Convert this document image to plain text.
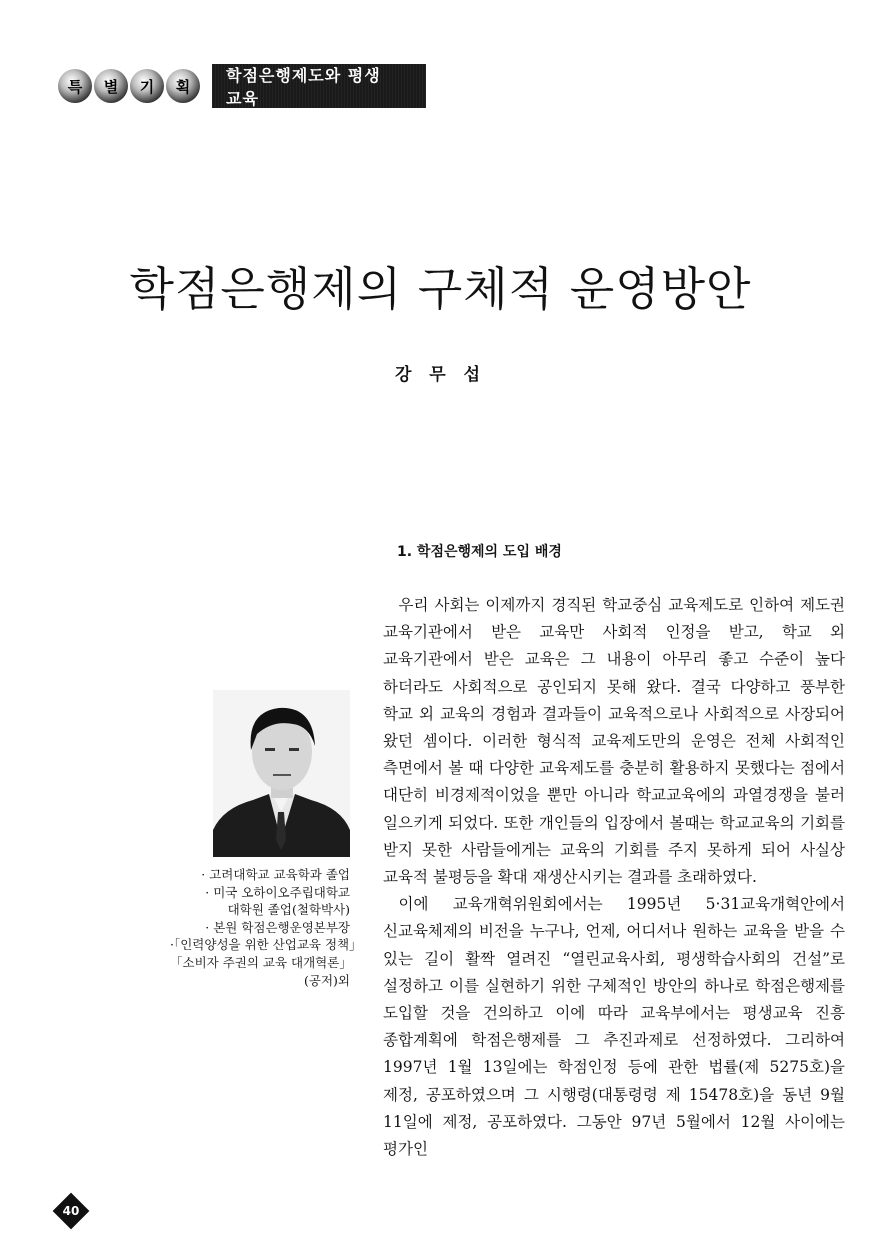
특	별	기	획
학점은행제도와 평생교육
학점은행제의 구체적 운영방안
강 무 섭
1. 학점은행제의 도입 배경

우리 사회는 이제까지 경직된 학교중심 교육제도로 인하여 제도권 교육기관에서 받은 교육만 사회적 인정을 받고, 학교 외 교육기관에서 받은 교육은 그 내용이 아무리 좋고 수준이 높다 하더라도 사회적으로 공인되지 못해 왔다. 결국 다양하고 풍부한 학교 외 교육의 경험과 결과들이 교육적으로나 사회적으로 사장되어 왔던 셈이다. 이러한 형식적 교육제도만의 운영은 전체 사회적인 측면에서 볼 때 다양한 교육제도를 충분히 활용하지 못했다는 점에서 대단히 비경제적이었을 뿐만 아니라 학교교육에의 과열경쟁을 불러 일으키게 되었다. 또한 개인들의 입장에서 볼때는 학교교육의 기회를 받지 못한 사람들에게는 교육의 기회를 주지 못하게 되어 사실상 교육적 불평등을 확대 재생산시키는 결과를 초래하였다.

이에 교육개혁위원회에서는 1995년 5·31교육개혁안에서 신교육체제의 비전을 누구나, 언제, 어디서나 원하는 교육을 받을 수 있는 길이 활짝 열려진 “열린교육사회, 평생학습사회의 건설”로 설정하고 이를 실현하기 위한 구체적인 방안의 하나로 학점은행제를 도입할 것을 건의하고 이에 따라 교육부에서는 평생교육 진흥 종합계획에 학점은행제를 그 추진과제로 선정하였다. 그리하여 1997년 1월 13일에는 학점인정 등에 관한 법률(제 5275호)을 제정, 공포하였으며 그 시행령(대통령령 제 15478호)을 동년 9월 11일에 제정, 공포하였다. 그동안 97년 5월에서 12월 사이에는 평가인

· 고려대학교 교육학과 졸업
· 미국 오하이오주립대학교
대학원 졸업(철학박사)
· 본원 학점은행운영본부장
·「인력양성을 위한 산업교육 정책」
「소비자 주권의 교육 대개혁론」
(공저)외
40
